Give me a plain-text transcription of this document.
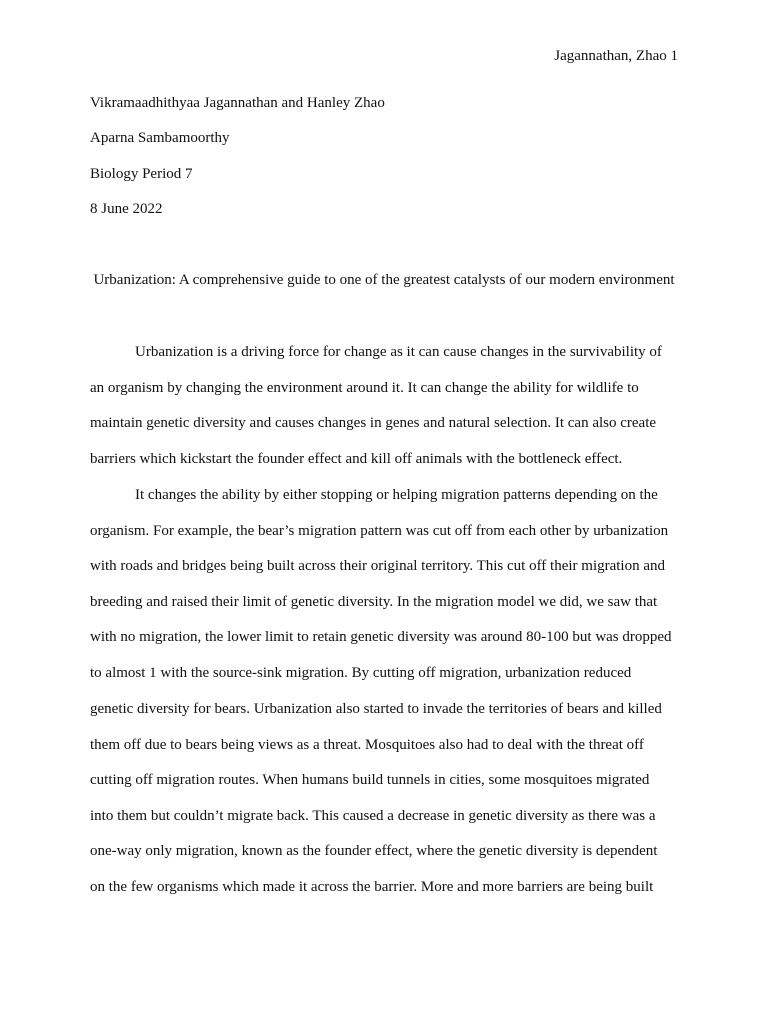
Jagannathan, Zhao 1
Vikramaadhithyaa Jagannathan and Hanley Zhao
Aparna Sambamoorthy
Biology Period 7
8 June 2022
Urbanization: A comprehensive guide to one of the greatest catalysts of our modern environment
Urbanization is a driving force for change as it can cause changes in the survivability of
an organism by changing the environment around it. It can change the ability for wildlife to
maintain genetic diversity and causes changes in genes and natural selection. It can also create
barriers which kickstart the founder effect and kill off animals with the bottleneck effect.
It changes the ability by either stopping or helping migration patterns depending on the
organism. For example, the bear’s migration pattern was cut off from each other by urbanization
with roads and bridges being built across their original territory. This cut off their migration and
breeding and raised their limit of genetic diversity. In the migration model we did, we saw that
with no migration, the lower limit to retain genetic diversity was around 80-100 but was dropped
to almost 1 with the source-sink migration. By cutting off migration, urbanization reduced
genetic diversity for bears. Urbanization also started to invade the territories of bears and killed
them off due to bears being views as a threat. Mosquitoes also had to deal with the threat off
cutting off migration routes. When humans build tunnels in cities, some mosquitoes migrated
into them but couldn’t migrate back. This caused a decrease in genetic diversity as there was a
one-way only migration, known as the founder effect, where the genetic diversity is dependent
on the few organisms which made it across the barrier. More and more barriers are being built
